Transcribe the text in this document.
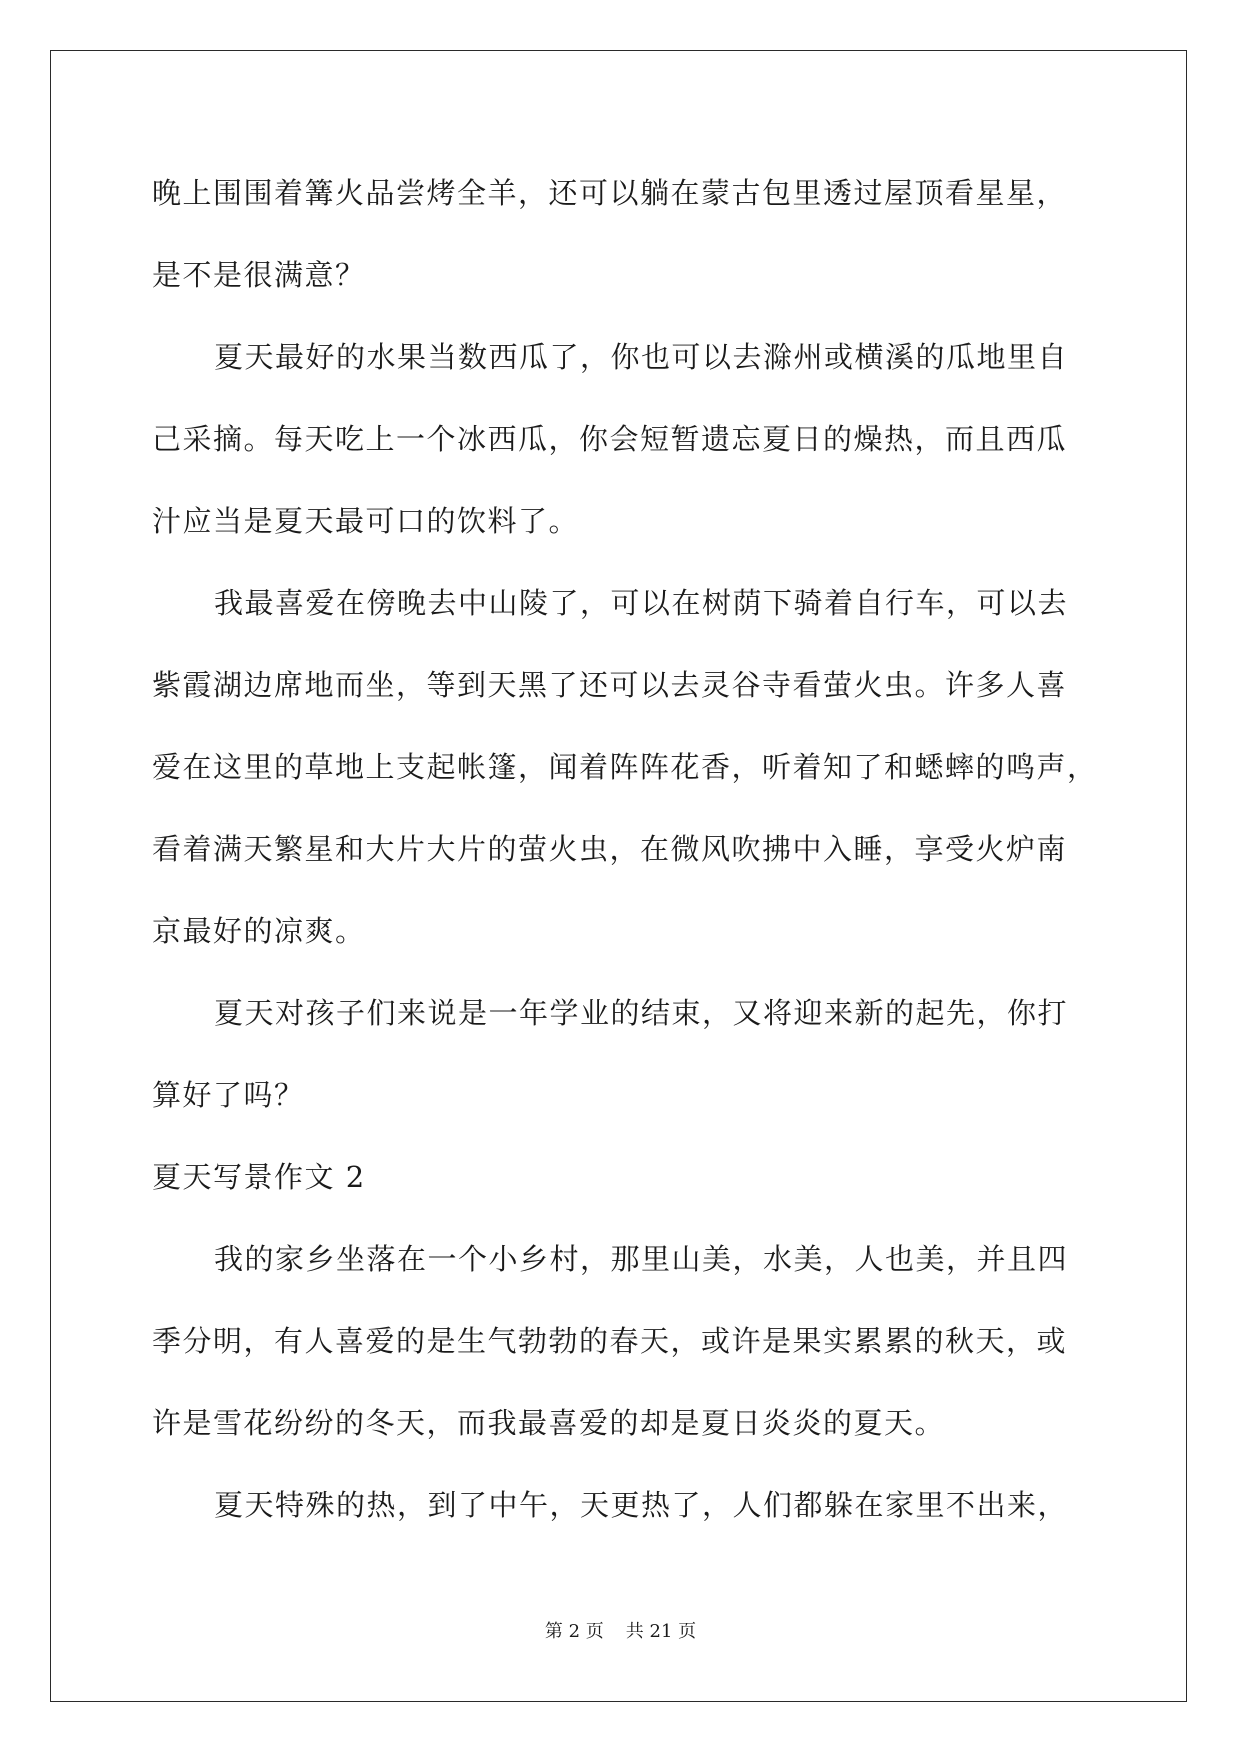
晚上围围着篝火品尝烤全羊，还可以躺在蒙古包里透过屋顶看星星，
是不是很满意？
夏天最好的水果当数西瓜了，你也可以去滁州或横溪的瓜地里自
己采摘。每天吃上一个冰西瓜，你会短暂遗忘夏日的燥热，而且西瓜
汁应当是夏天最可口的饮料了。
我最喜爱在傍晚去中山陵了，可以在树荫下骑着自行车，可以去
紫霞湖边席地而坐，等到天黑了还可以去灵谷寺看萤火虫。许多人喜
爱在这里的草地上支起帐篷，闻着阵阵花香，听着知了和蟋蟀的鸣声，
看着满天繁星和大片大片的萤火虫，在微风吹拂中入睡，享受火炉南
京最好的凉爽。
夏天对孩子们来说是一年学业的结束，又将迎来新的起先，你打
算好了吗？
夏天写景作文 2
我的家乡坐落在一个小乡村，那里山美，水美，人也美，并且四
季分明，有人喜爱的是生气勃勃的春天，或许是果实累累的秋天，或
许是雪花纷纷的冬天，而我最喜爱的却是夏日炎炎的夏天。
夏天特殊的热，到了中午，天更热了，人们都躲在家里不出来，
第 2 页 共 21 页
